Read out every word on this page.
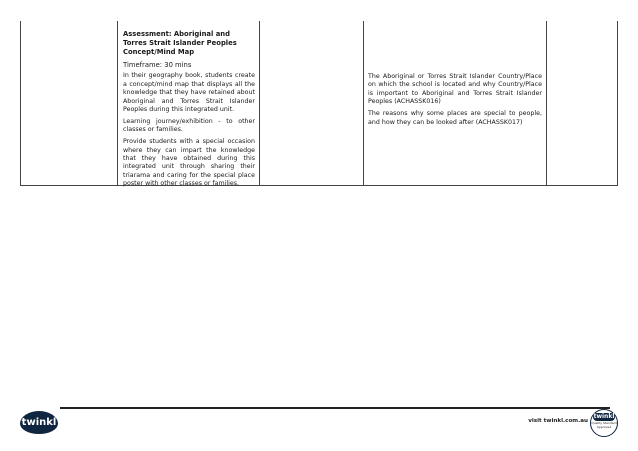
Assessment: Aboriginal and Torres Strait Islander Peoples Concept/Mind Map

Timeframe: 30 mins

In their geography book, students create a concept/mind map that displays all the knowledge that they have retained about Aboriginal and Torres Strait Islander Peoples during this integrated unit.

Learning journey/exhibition - to other classes or families.

Provide students with a special occasion where they can impart the knowledge that they have obtained during this integrated unit through sharing their triarama and caring for the special place poster with other classes or families.

The Aboriginal or Torres Strait Islander Country/Place on which the school is located and why Country/Place is important to Aboriginal and Torres Strait Islander Peoples (ACHASSK016)

The reasons why some places are special to people, and how they can be looked after (ACHASSK017)

twinkl	visit twinkl.com.au
twinkl
Quality Standard Approved
